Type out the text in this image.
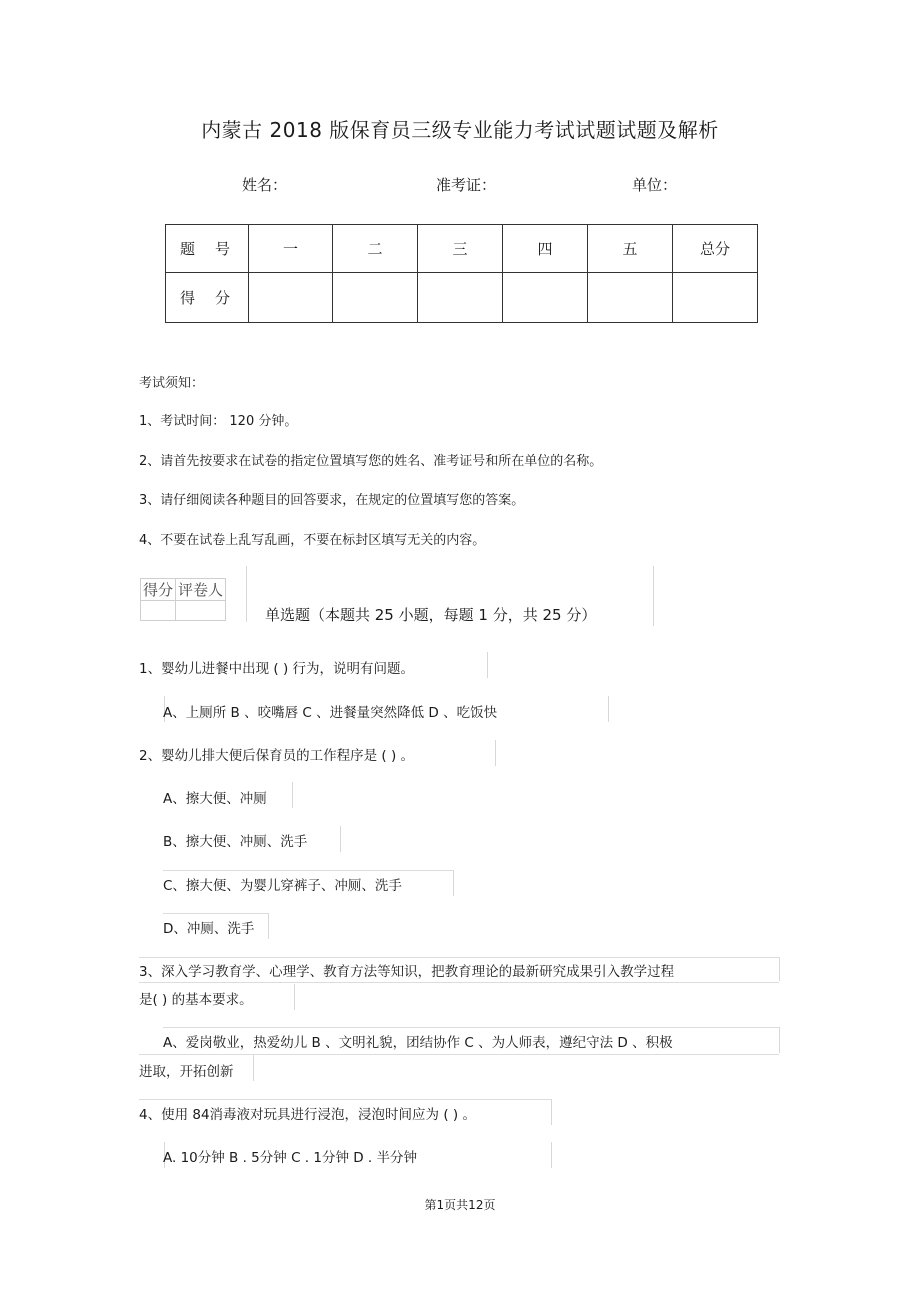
内蒙古 2018 版保育员三级专业能力考试试题试题及解析
姓名：	准考证：	单位：
题号	一	二	三	四	五	总分
得分						
考试须知：
1、考试时间： 120 分钟。
2、请首先按要求在试卷的指定位置填写您的姓名、准考证号和所在单位的名称。
3、请仔细阅读各种题目的回答要求，在规定的位置填写您的答案。
4、不要在试卷上乱写乱画，不要在标封区填写无关的内容。
得分	评卷人

单选题（本题共 25 小题，每题 1 分，共 25 分）
1、婴幼儿进餐中出现 ( ) 行为，说明有问题。
A、上厕所 B 、咬嘴唇 C 、进餐量突然降低 D 、吃饭快
2、婴幼儿排大便后保育员的工作程序是 ( ) 。
A、擦大便、冲厕
B、擦大便、冲厕、洗手
C、擦大便、为婴儿穿裤子、冲厕、洗手
D、冲厕、洗手
3、深入学习教育学、心理学、教育方法等知识，把教育理论的最新研究成果引入教学过程
是( ) 的基本要求。
A、爱岗敬业，热爱幼儿 B 、文明礼貌，团结协作 C 、为人师表，遵纪守法 D 、积极
进取，开拓创新
4、使用 84消毒液对玩具进行浸泡，浸泡时间应为 ( ) 。
A. 10分钟 B . 5分钟 C . 1分钟 D . 半分钟
第1页共12页
